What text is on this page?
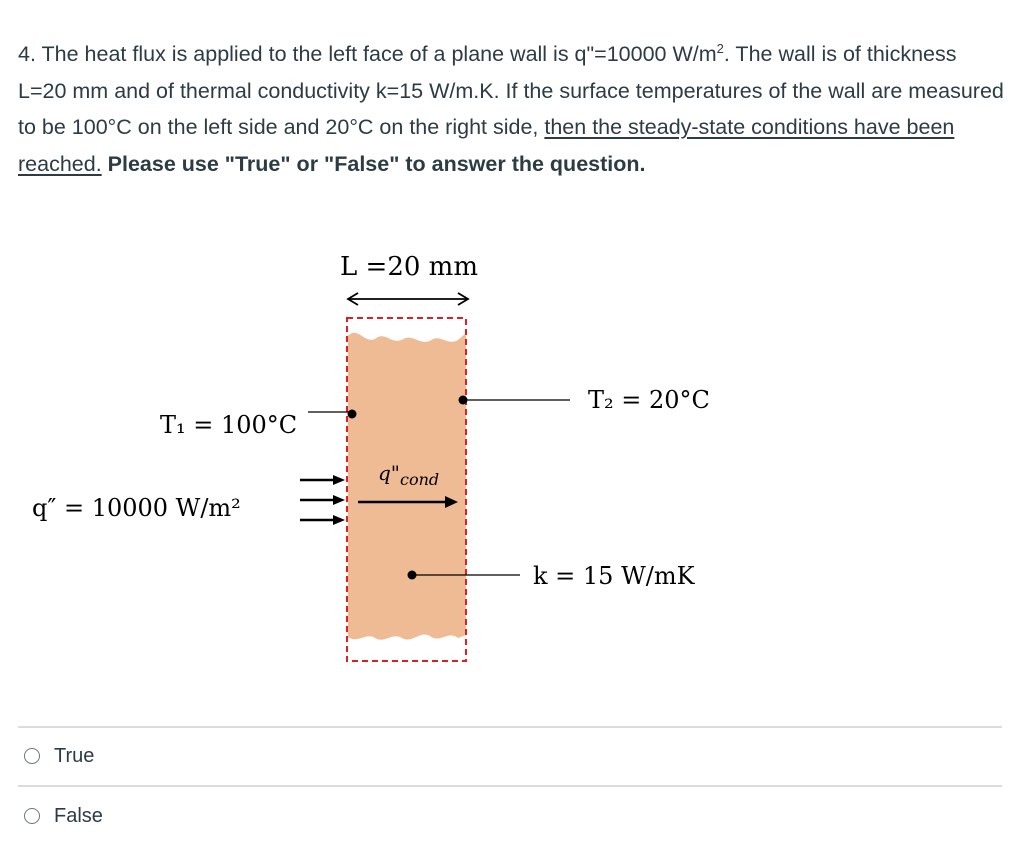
4. The heat flux is applied to the left face of a plane wall is q"=10000 $W/m^2$. The wall is of thickness L=20 mm and of thermal conductivity k=15 W/m.K. If the surface temperatures of the wall are measured to be 100°C on the left side and 20°C on the right side, then the steady-state conditions have been reached. Please use "True" or "False" to answer the question.
L =20 mm
T₂ = 20°C
T₁ = 100°C
$q"_{cond}$
q″ = 10000 W/m²
k = 15 W/mK
True
False
